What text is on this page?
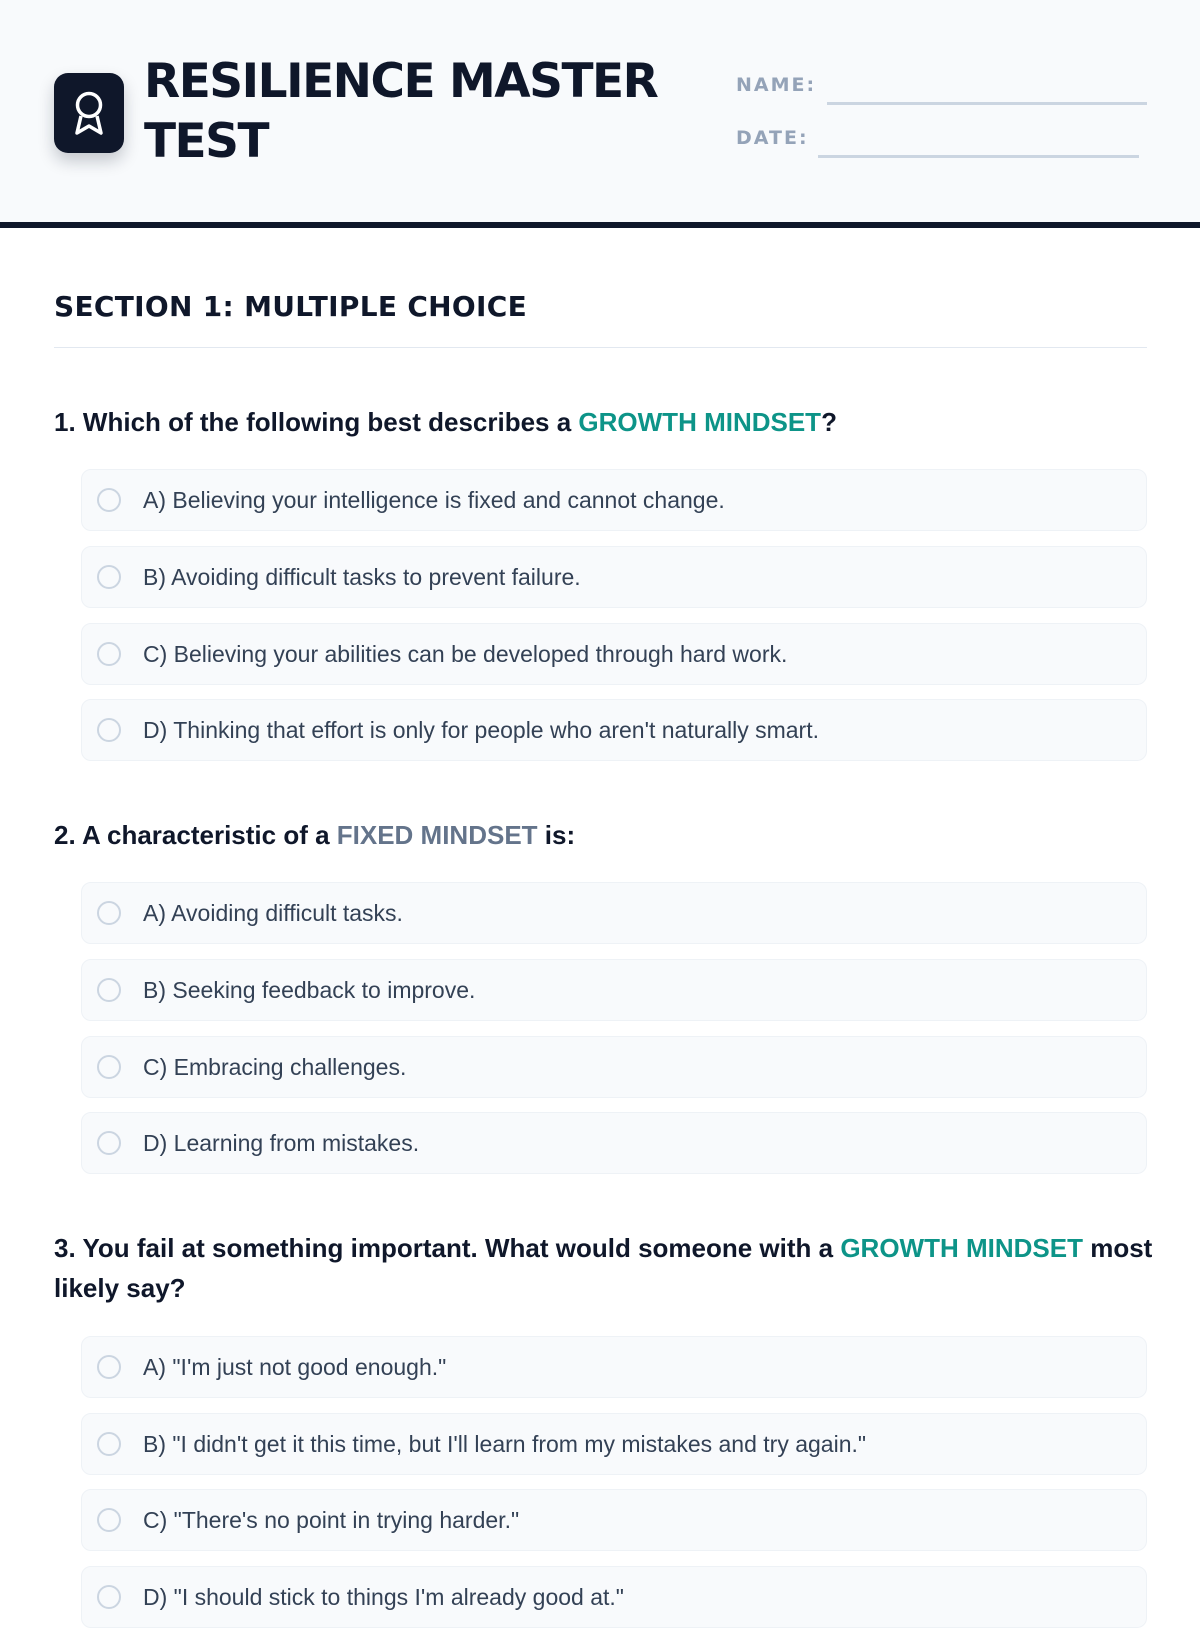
RESILIENCE MASTER TEST
NAME:
DATE:
SECTION 1: MULTIPLE CHOICE

1. Which of the following best describes a GROWTH MINDSET?

A) Believing your intelligence is fixed and cannot change.
B) Avoiding difficult tasks to prevent failure.
C) Believing your abilities can be developed through hard work.
D) Thinking that effort is only for people who aren't naturally smart.

2. A characteristic of a FIXED MINDSET is:

A) Avoiding difficult tasks.
B) Seeking feedback to improve.
C) Embracing challenges.
D) Learning from mistakes.

3. You fail at something important. What would someone with a GROWTH MINDSET most likely say?

A) "I'm just not good enough."
B) "I didn't get it this time, but I'll learn from my mistakes and try again."
C) "There's no point in trying harder."
D) "I should stick to things I'm already good at."
